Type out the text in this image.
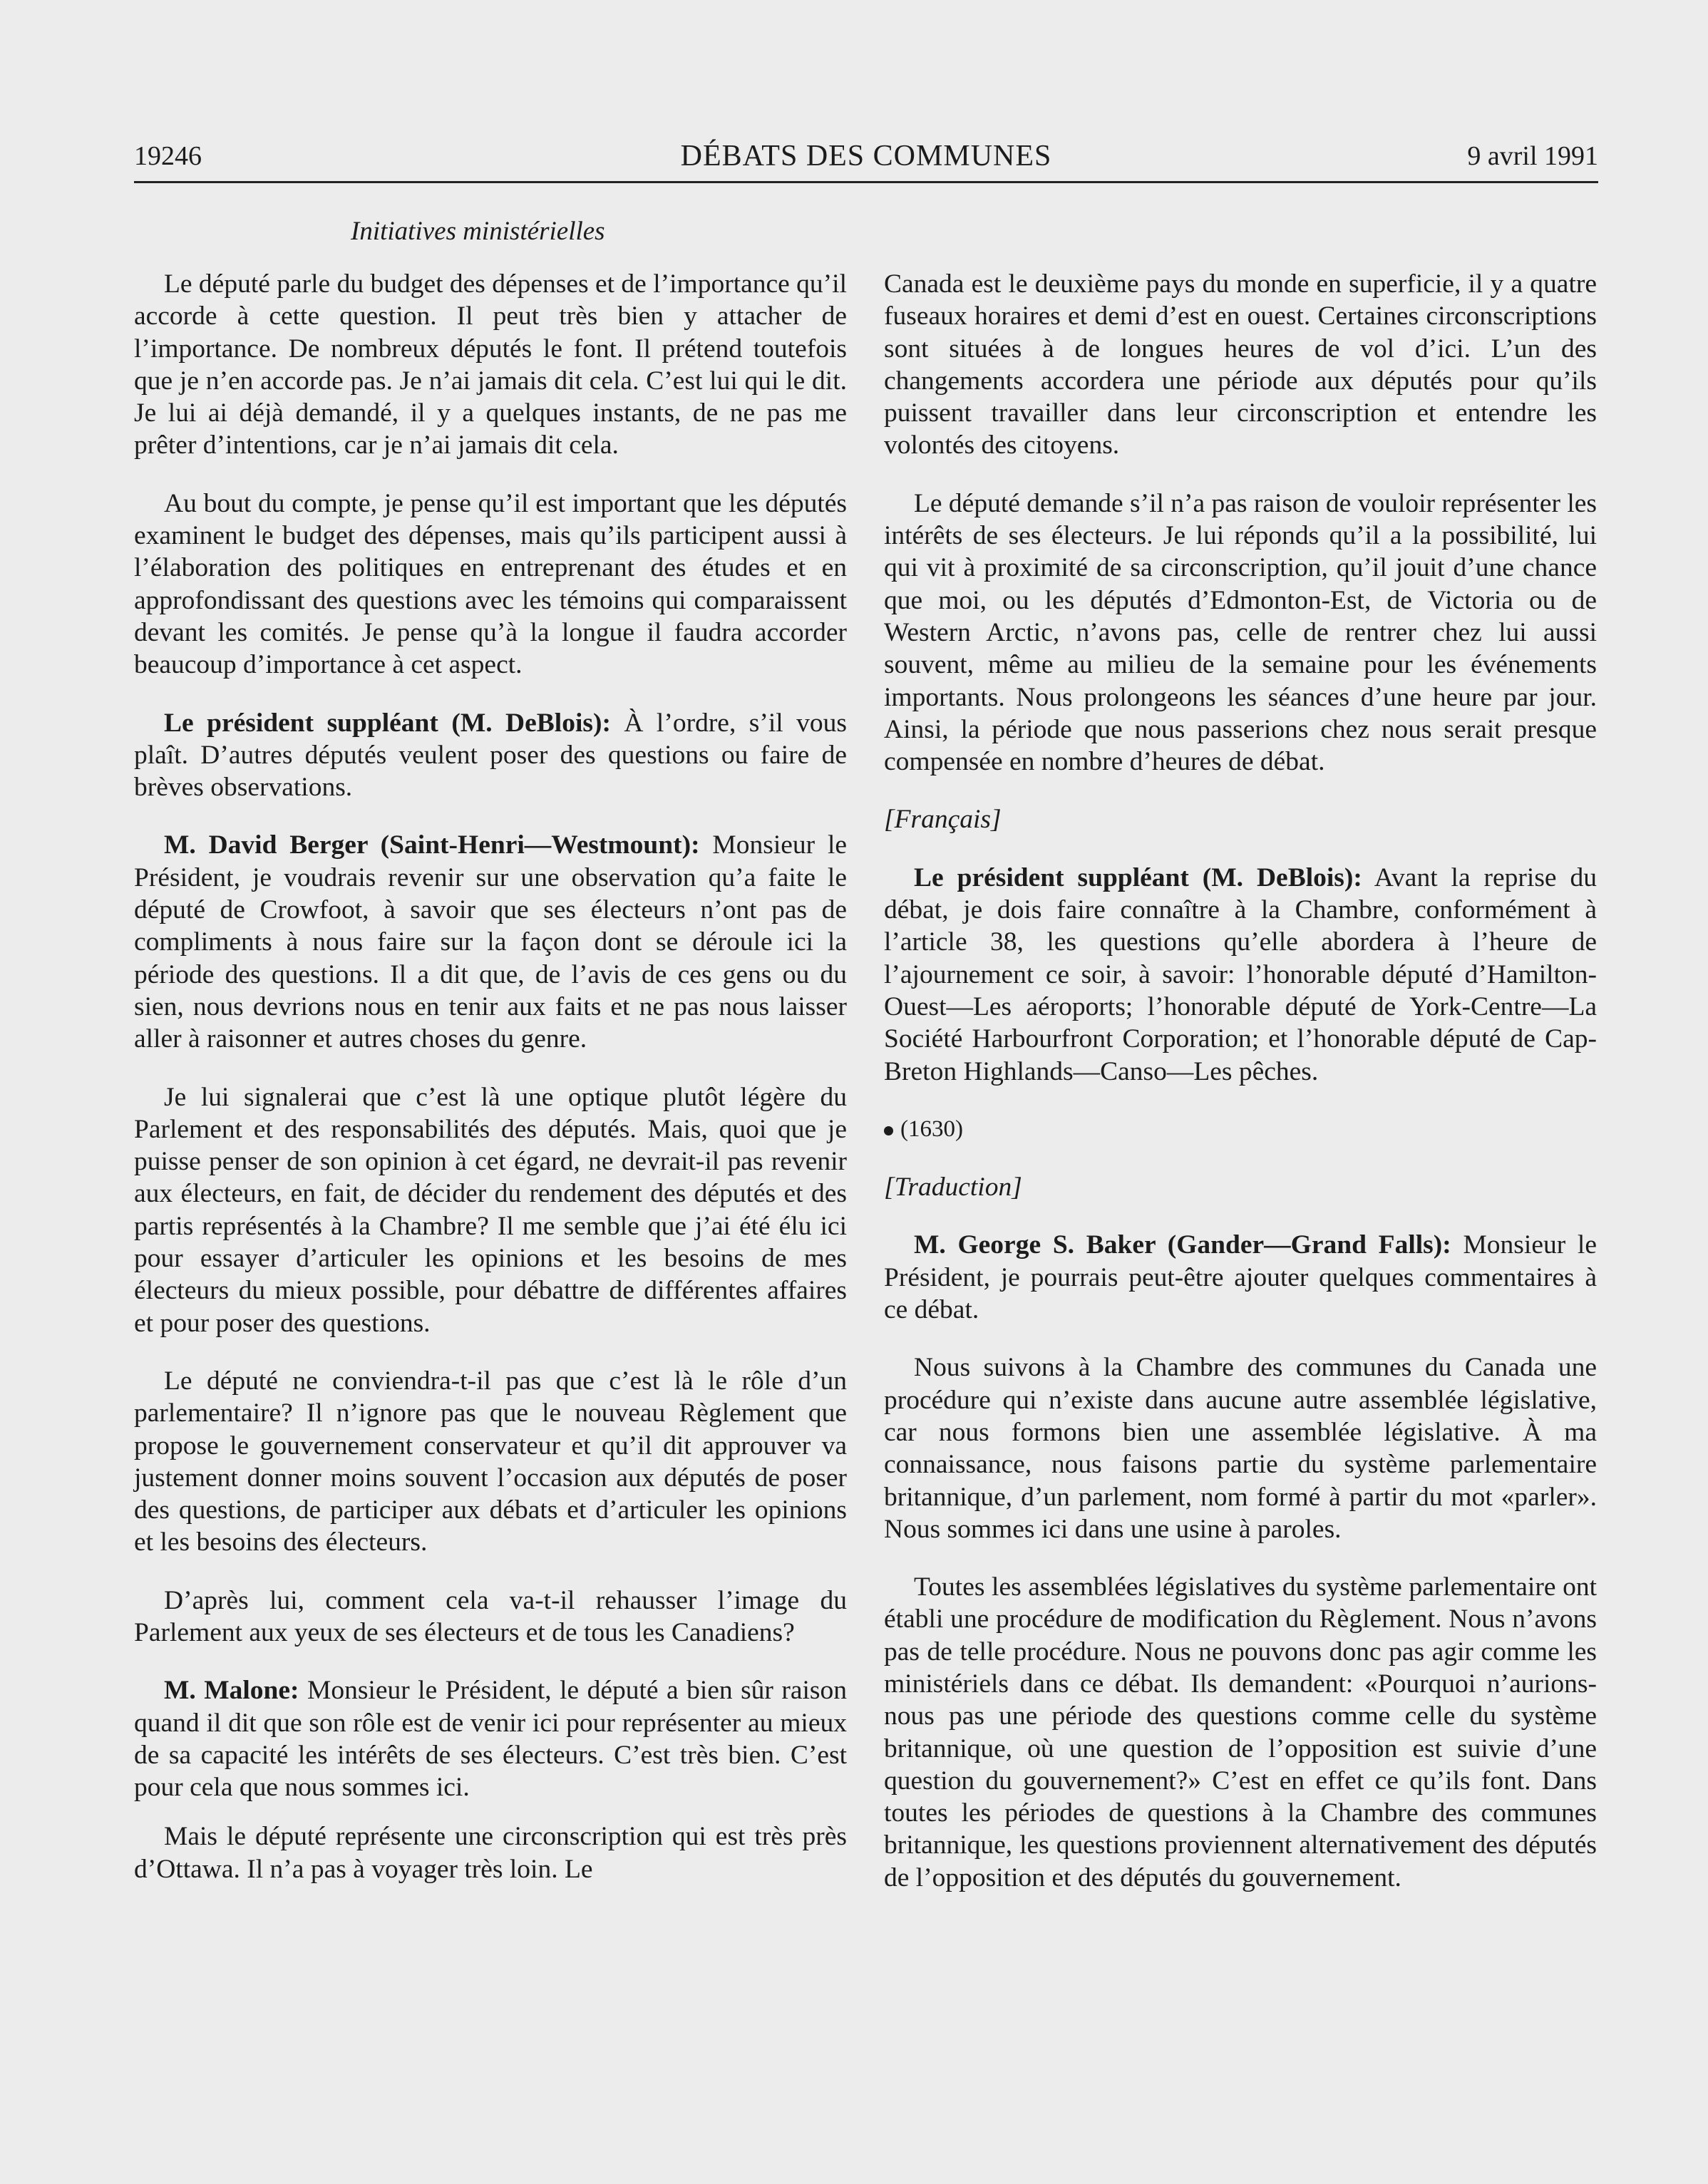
19246	DÉBATS DES COMMUNES	9 avril 1991
Initiatives ministérielles

Le député parle du budget des dépenses et de l’importance qu’il accorde à cette question. Il peut très bien y attacher de l’importance. De nombreux députés le font. Il prétend toutefois que je n’en accorde pas. Je n’ai jamais dit cela. C’est lui qui le dit. Je lui ai déjà demandé, il y a quelques instants, de ne pas me prêter d’intentions, car je n’ai jamais dit cela.

Au bout du compte, je pense qu’il est important que les députés examinent le budget des dépenses, mais qu’ils participent aussi à l’élaboration des politiques en entreprenant des études et en approfondissant des questions avec les témoins qui comparaissent devant les comités. Je pense qu’à la longue il faudra accorder beaucoup d’importance à cet aspect.

Le président suppléant (M. DeBlois): À l’ordre, s’il vous plaît. D’autres députés veulent poser des questions ou faire de brèves observations.

M. David Berger (Saint-Henri—Westmount): Monsieur le Président, je voudrais revenir sur une observation qu’a faite le député de Crowfoot, à savoir que ses électeurs n’ont pas de compliments à nous faire sur la façon dont se déroule ici la période des questions. Il a dit que, de l’avis de ces gens ou du sien, nous devrions nous en tenir aux faits et ne pas nous laisser aller à raisonner et autres choses du genre.

Je lui signalerai que c’est là une optique plutôt légère du Parlement et des responsabilités des députés. Mais, quoi que je puisse penser de son opinion à cet égard, ne devrait-il pas revenir aux électeurs, en fait, de décider du rendement des députés et des partis représentés à la Chambre? Il me semble que j’ai été élu ici pour essayer d’articuler les opinions et les besoins de mes électeurs du mieux possible, pour débattre de différentes affaires et pour poser des questions.

Le député ne conviendra-t-il pas que c’est là le rôle d’un parlementaire? Il n’ignore pas que le nouveau Règlement que propose le gouvernement conservateur et qu’il dit approuver va justement donner moins souvent l’occasion aux députés de poser des questions, de participer aux débats et d’articuler les opinions et les besoins des électeurs.

D’après lui, comment cela va-t-il rehausser l’image du Parlement aux yeux de ses électeurs et de tous les Canadiens?

M. Malone: Monsieur le Président, le député a bien sûr raison quand il dit que son rôle est de venir ici pour représenter au mieux de sa capacité les intérêts de ses électeurs. C’est très bien. C’est pour cela que nous sommes ici.

Mais le député représente une circonscription qui est très près d’Ottawa. Il n’a pas à voyager très loin. Le

Canada est le deuxième pays du monde en superficie, il y a quatre fuseaux horaires et demi d’est en ouest. Certaines circonscriptions sont situées à de longues heures de vol d’ici. L’un des changements accordera une période aux députés pour qu’ils puissent travailler dans leur circonscription et entendre les volontés des citoyens.

Le député demande s’il n’a pas raison de vouloir représenter les intérêts de ses électeurs. Je lui réponds qu’il a la possibilité, lui qui vit à proximité de sa circonscription, qu’il jouit d’une chance que moi, ou les députés d’Edmonton-Est, de Victoria ou de Western Arctic, n’avons pas, celle de rentrer chez lui aussi souvent, même au milieu de la semaine pour les événements importants. Nous prolongeons les séances d’une heure par jour. Ainsi, la période que nous passerions chez nous serait presque compensée en nombre d’heures de débat.

[Français]

Le président suppléant (M. DeBlois): Avant la reprise du débat, je dois faire connaître à la Chambre, conformément à l’article 38, les questions qu’elle abordera à l’heure de l’ajournement ce soir, à savoir: l’honorable député d’Hamilton-Ouest—Les aéroports; l’honorable député de York-Centre—La Société Harbourfront Corporation; et l’honorable député de Cap-Breton Highlands—Canso—Les pêches.

(1630)

[Traduction]

M. George S. Baker (Gander—Grand Falls): Monsieur le Président, je pourrais peut-être ajouter quelques commentaires à ce débat.

Nous suivons à la Chambre des communes du Canada une procédure qui n’existe dans aucune autre assemblée législative, car nous formons bien une assemblée législative. À ma connaissance, nous faisons partie du système parlementaire britannique, d’un parlement, nom formé à partir du mot «parler». Nous sommes ici dans une usine à paroles.

Toutes les assemblées législatives du système parlementaire ont établi une procédure de modification du Règlement. Nous n’avons pas de telle procédure. Nous ne pouvons donc pas agir comme les ministériels dans ce débat. Ils demandent: «Pourquoi n’aurions-nous pas une période des questions comme celle du système britannique, où une question de l’opposition est suivie d’une question du gouvernement?» C’est en effet ce qu’ils font. Dans toutes les périodes de questions à la Chambre des communes britannique, les questions proviennent alternativement des députés de l’opposition et des députés du gouvernement.
